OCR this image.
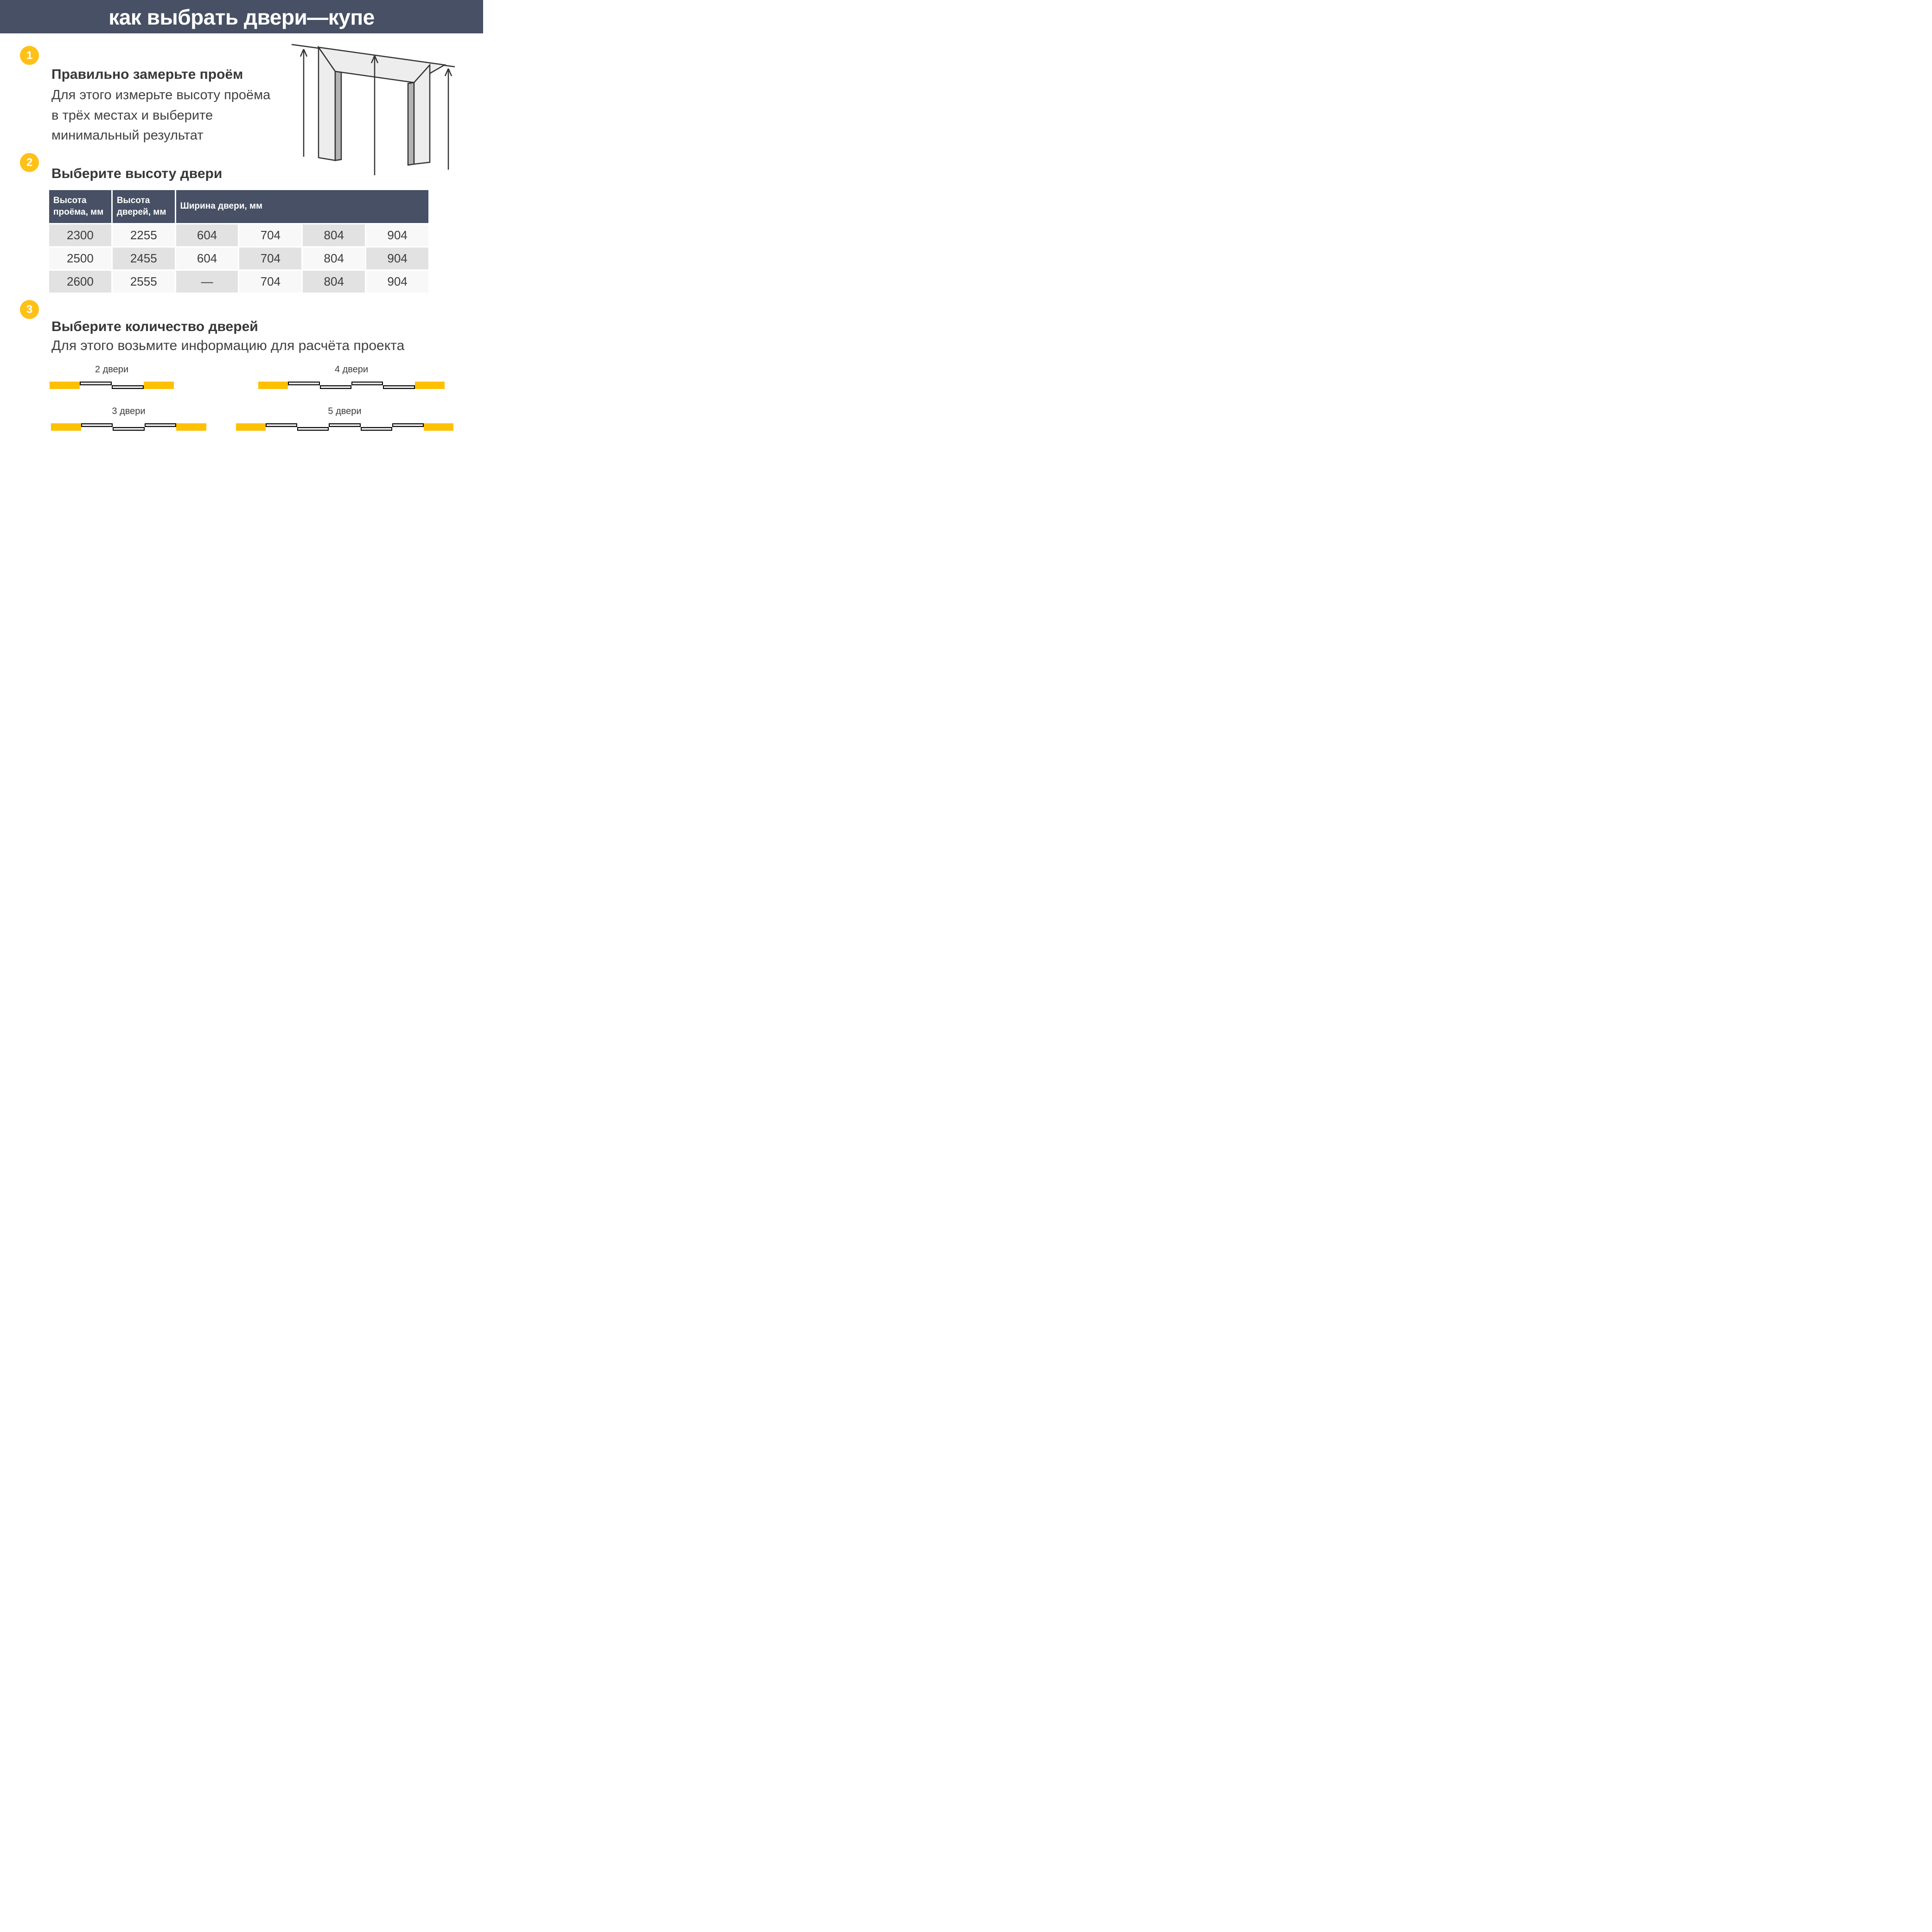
как выбрать двери—купе
1
Правильно замерьте проём
Для этого измерьте высоту проёма
в трёх местах и выберите
минимальный результат
2
Выберите высоту двери
Высота проёма, мм
Высота дверей, мм
Ширина двери, мм
2300	2255	604	704	804	904
2500	2455	604	704	804	904
2600	2555	—	704	804	904
3
Выберите количество дверей
Для этого возьмите информацию для расчёта проекта
2 двери
3 двери
4 двери
5 двери
